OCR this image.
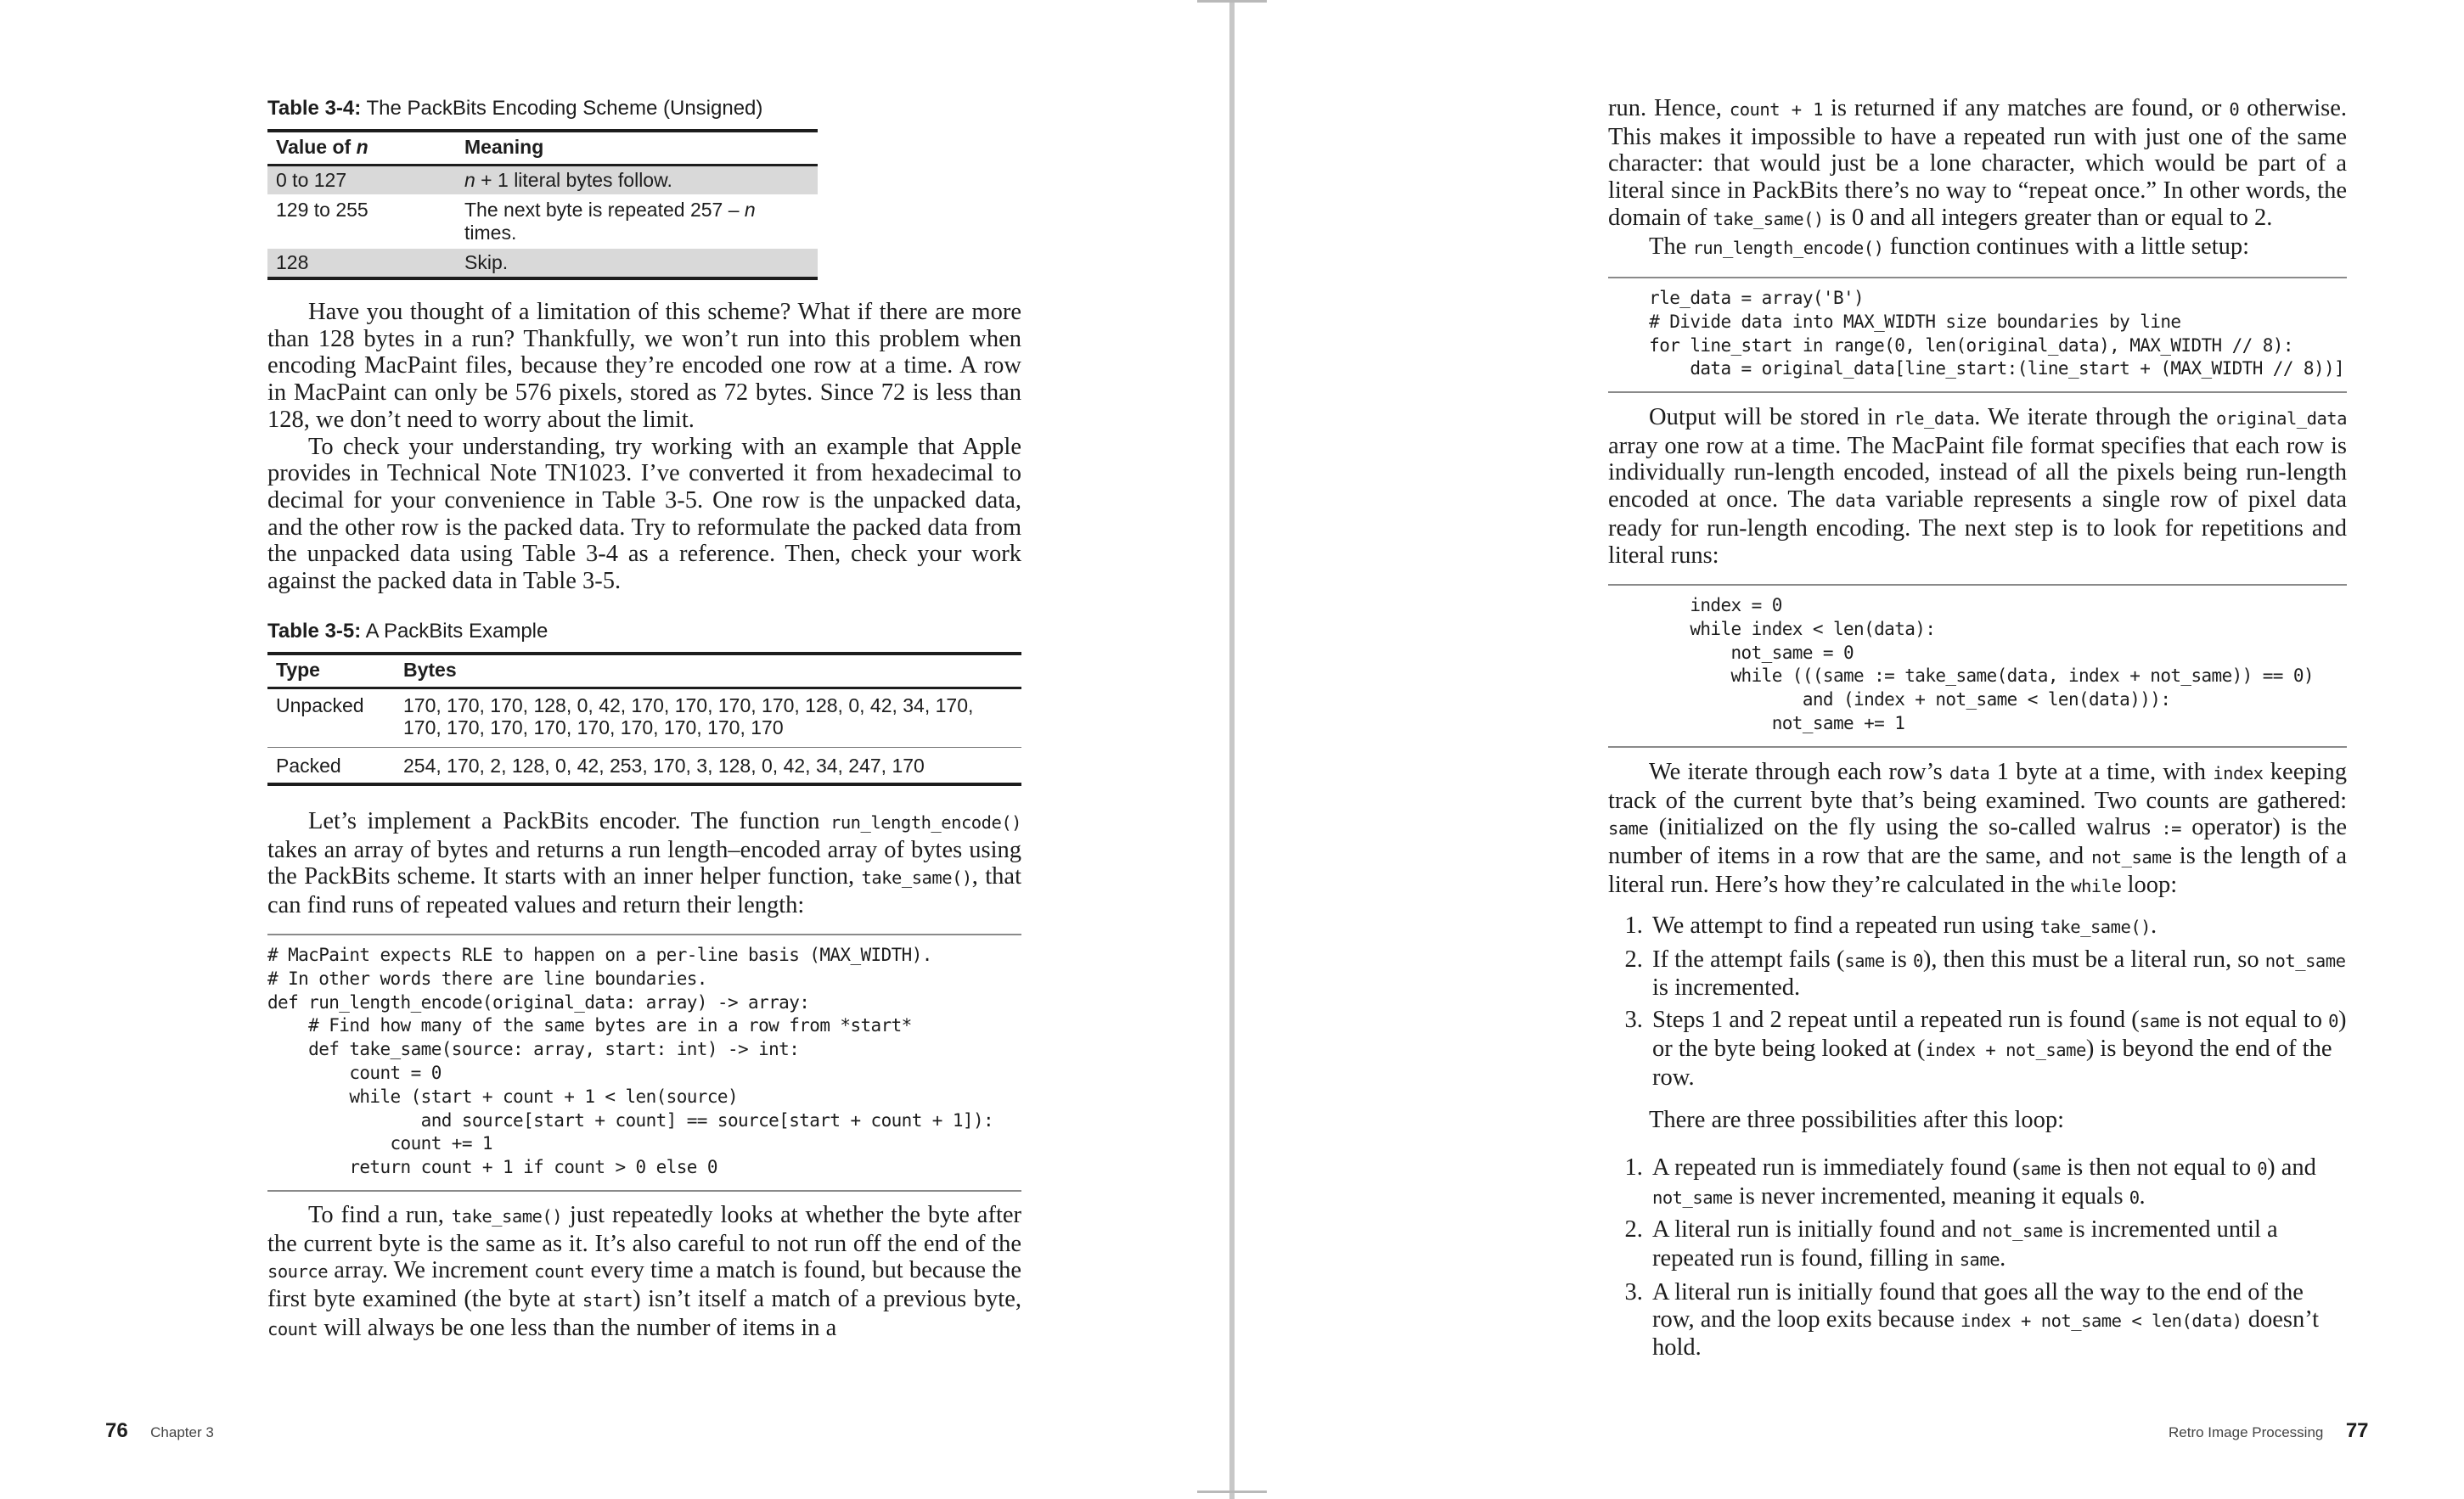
Table 3-4: The PackBits Encoding Scheme (Unsigned)
Value of n	Meaning
0 to 127	n + 1 literal bytes follow.
129 to 255	The next byte is repeated 257 – n times.
128	Skip.

Have you thought of a limitation of this scheme? What if there are more than 128 bytes in a run? Thankfully, we won’t run into this problem when encoding MacPaint files, because they’re encoded one row at a time. A row in MacPaint can only be 576 pixels, stored as 72 bytes. Since 72 is less than 128, we don’t need to worry about the limit.

To check your understanding, try working with an example that Apple provides in Technical Note TN1023. I’ve converted it from hexadecimal to decimal for your convenience in Table 3-5. One row is the unpacked data, and the other row is the packed data. Try to reformulate the packed data from the unpacked data using Table 3-4 as a reference. Then, check your work against the packed data in Table 3-5.

Table 3-5: A PackBits Example
Type	Bytes
Unpacked	170, 170, 170, 128, 0, 42, 170, 170, 170, 170, 128, 0, 42, 34, 170,
170, 170, 170, 170, 170, 170, 170, 170, 170

Packed	254, 170, 2, 128, 0, 42, 253, 170, 3, 128, 0, 42, 34, 247, 170

Let’s implement a PackBits encoder. The function run_length_encode() takes an array of bytes and returns a run length–encoded array of bytes using the PackBits scheme. It starts with an inner helper function, take_same(), that can find runs of repeated values and return their length:

# MacPaint expects RLE to happen on a per-line basis (MAX_WIDTH).
# In other words there are line boundaries.
def run_length_encode(original_data: array) -> array:
# Find how many of the same bytes are in a row from *start*
def take_same(source: array, start: int) -> int:
count = 0
while (start + count + 1 < len(source)
and source[start + count] == source[start + count + 1]):
count += 1
return count + 1 if count > 0 else 0

To find a run, take_same() just repeatedly looks at whether the byte after the current byte is the same as it. It’s also careful to not run off the end of the source array. We increment count every time a match is found, but because the first byte examined (the byte at start) isn’t itself a match of a previous byte, count will always be one less than the number of items in a

76 Chapter 3

run. Hence, count + 1 is returned if any matches are found, or 0 otherwise. This makes it impossible to have a repeated run with just one of the same character: that would just be a lone character, which would be part of a literal since in PackBits there’s no way to “repeat once.” In other words, the domain of take_same() is 0 and all integers greater than or equal to 2.

The run_length_encode() function continues with a little setup:

rle_data = array('B')
# Divide data into MAX_WIDTH size boundaries by line
for line_start in range(0, len(original_data), MAX_WIDTH // 8):
data = original_data[line_start:(line_start + (MAX_WIDTH // 8))]

Output will be stored in rle_data. We iterate through the original_data array one row at a time. The MacPaint file format specifies that each row is individually run-length encoded, instead of all the pixels being run-length encoded at once. The data variable represents a single row of pixel data ready for run-length encoding. The next step is to look for repetitions and literal runs:

index = 0
while index < len(data):
not_same = 0
while (((same := take_same(data, index + not_same)) == 0)
and (index + not_same < len(data))):
not_same += 1

We iterate through each row’s data 1 byte at a time, with index keeping track of the current byte that’s being examined. Two counts are gathered: same (initialized on the fly using the so-called walrus := operator) is the number of items in a row that are the same, and not_same is the length of a literal run. Here’s how they’re calculated in the while loop:

1. We attempt to find a repeated run using take_same().
2. If the attempt fails (same is 0), then this must be a literal run, so not_same is incremented.
3. Steps 1 and 2 repeat until a repeated run is found (same is not equal to 0) or the byte being looked at (index + not_same) is beyond the end of the row.

There are three possibilities after this loop:

1. A repeated run is immediately found (same is then not equal to 0) and not_same is never incremented, meaning it equals 0.
2. A literal run is initially found and not_same is incremented until a repeated run is found, filling in same.
3. A literal run is initially found that goes all the way to the end of the row, and the loop exits because index + not_same < len(data) doesn’t hold.
Retro Image Processing 77
